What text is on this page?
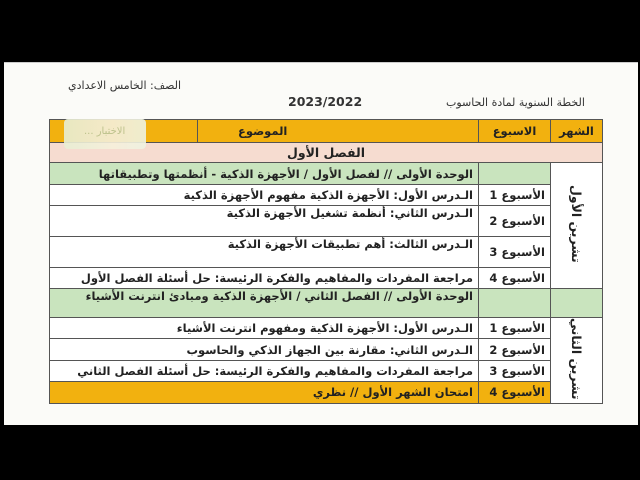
الصف: الخامس الاعدادي
الخطة السنوية لمادة الحاسوب
2023/2022
الشهر	الاسبوع	الموضوع	
الفصل الأول			
تشرين الأول		الوحدة الأولى // لفصل الأول / الأجهزة الذكية - أنظمتها وتطبيقاتها	
	الأسبوع 1	الـدرس الأول: الأجهزة الذكية مفهوم الأجهزة الذكية	
	الأسبوع 2	الـدرس الثاني: أنظمة تشغيل الأجهزة الذكية	
	الأسبوع 3	الـدرس الثالث: أهم تطبيقات الأجهزة الذكية	
	الأسبوع 4	مراجعة المفردات والمفاهيم والفكرة الرئيسة: حل أسئلة الفصل الأول	
		الوحدة الأولى // الفصل الثاني / الأجهزة الذكية ومبادئ انترنت الأشياء	
تشرين الثاني	الأسبوع 1	الـدرس الأول: الأجهزة الذكية ومفهوم انترنت الأشياء	
	الأسبوع 2	الـدرس الثاني: مقارنة بين الجهاز الذكي والحاسوب	
	الأسبوع 3	مراجعة المفردات والمفاهيم والفكرة الرئيسة: حل أسئلة الفصل الثاني	
	الأسبوع 4	امتحان الشهر الأول // نظري	
الاختبار ...
